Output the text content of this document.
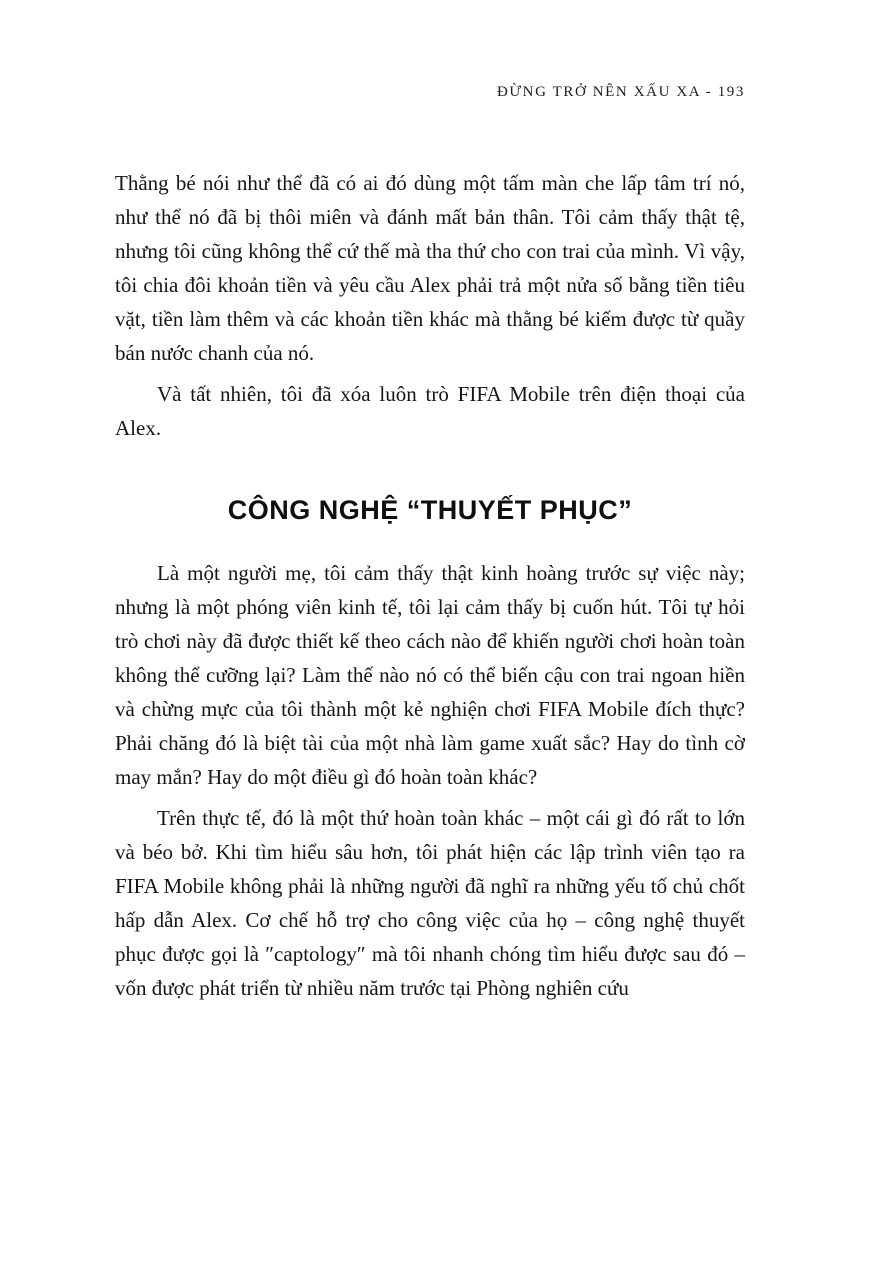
ĐỪNG TRỞ NÊN XẤU XA - 193

Thằng bé nói như thể đã có ai đó dùng một tấm màn che lấp tâm trí nó, như thể nó đã bị thôi miên và đánh mất bản thân. Tôi cảm thấy thật tệ, nhưng tôi cũng không thể cứ thế mà tha thứ cho con trai của mình. Vì vậy, tôi chia đôi khoản tiền và yêu cầu Alex phải trả một nửa số bằng tiền tiêu vặt, tiền làm thêm và các khoản tiền khác mà thằng bé kiếm được từ quầy bán nước chanh của nó.

Và tất nhiên, tôi đã xóa luôn trò FIFA Mobile trên điện thoại của Alex.

CÔNG NGHỆ “THUYẾT PHỤC”

Là một người mẹ, tôi cảm thấy thật kinh hoàng trước sự việc này; nhưng là một phóng viên kinh tế, tôi lại cảm thấy bị cuốn hút. Tôi tự hỏi trò chơi này đã được thiết kế theo cách nào để khiến người chơi hoàn toàn không thể cưỡng lại? Làm thế nào nó có thể biến cậu con trai ngoan hiền và chừng mực của tôi thành một kẻ nghiện chơi FIFA Mobile đích thực? Phải chăng đó là biệt tài của một nhà làm game xuất sắc? Hay do tình cờ may mắn? Hay do một điều gì đó hoàn toàn khác?

Trên thực tế, đó là một thứ hoàn toàn khác – một cái gì đó rất to lớn và béo bở. Khi tìm hiểu sâu hơn, tôi phát hiện các lập trình viên tạo ra FIFA Mobile không phải là những người đã nghĩ ra những yếu tố chủ chốt hấp dẫn Alex. Cơ chế hỗ trợ cho công việc của họ – công nghệ thuyết phục được gọi là ″captology″ mà tôi nhanh chóng tìm hiểu được sau đó – vốn được phát triển từ nhiều năm trước tại Phòng nghiên cứu
